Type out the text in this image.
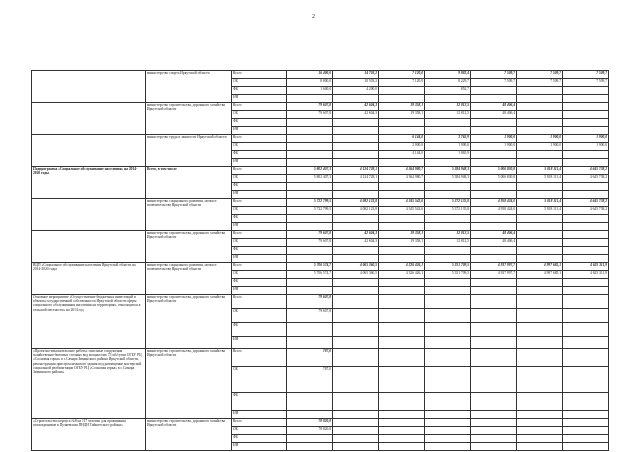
2
	министерство спорта Иркутской области	Всего	16 400,0	14 703,2	7 120,0	9 882,4	7 509,7	7 509,7	7 509,7
		ОБ	8 800,0	10 503,2	7 120,0	8 229,7	7 509,7	7 509,7	7 509,7
		ФБ	1 600,0	4 200,0		852,7			
		НИ							
	министерство строительства, дорожного хозяйства Иркутской области	Всего	79 607,8	42 604,3	19 358,1	12 812,5	48 406,4		
		ОБ	79 607,8	42 604,3	19 358,1	12 812,5	48 406,4		
		ФБ							
		НИ							
	министерство труда и занятости Иркутской области	Всего			6 144,0	3 765,9	1 900,0	1 900,0	1 900,0
		ОБ			2 000,0	1 900,0	1 900,0	1 900,0	1 900,0
		ФБ			4 144,0	1 865,9			
		НИ							
Подпрограмма «Социальное обслуживание населения» на 2014-2020 годы	Всего, в том числе	Всего	5 802 407,3	4 124 728,1	4 364 980,7	5 384 948,3	5 006 830,8	5 018 111,4	4 645 738,2
		ОБ	5 802 407,3	4 124 728,1	4 364 980,7	5 384 948,3	5 006 830,8	5 018 111,4	4 645 738,2
		ФБ							
		НИ							
	министерство социального развития, опеки и попечительства Иркутской области	Всего	5 722 799,5	4 082 123,8	4 345 542,6	5 372 135,8	4 958 424,0	5 018 111,4	4 645 738,2
		ОБ	5 722 799,5	4 082 123,8	4 345 542,6	5 372 135,8	4 958 424,0	5 018 111,4	4 645 738,2
		ФБ							
		НИ							
	министерство строительства, дорожного хозяйства Иркутской области	Всего	79 607,8	42 604,3	19 358,1	12 812,5	48 406,4		
		ОБ	79 607,8	42 604,3	19 358,1	12 812,5	48 406,4		
		ФБ							
		НИ							
ВЦП «Социальное обслуживание населения Иркутской области на 2014-2020 годы	министерство социального развития, опеки и попечительства Иркутской области	Всего	5 706 574,7	4 065 360,5	4 326 426,1	5 351 709,5	4 937 997,7	4 997 685,1	4 625 311,9
		ОБ	5 706 574,7	4 065 360,5	4 326 426,1	5 351 709,5	4 937 997,7	4 997 685,1	4 625 311,9
		ФБ							
		НИ							
Основное мероприятие «Осуществление бюджетных инвестиций в объекты государственной собственности Иркутской области сферы социального обслуживания населения на территориях, относящихся к сельской местности» на 2014 год	министерство строительства, дорожного хозяйства Иркутской области	Всего	79 607,8						
		ОБ	79 607,8						
		ФБ							
		НИ							
«Проектно-изыскательские работы: очистные сооружения хозяйственно-бытовых сточных вод мощностью 75 м3/сутки ОГБУ РЦ «Сосновая горка» в с.Самара Зиминского района Иркутской области, реконструкция пристроя нежилого здания под размещение мастерской социальной реабилитации ОГБУ РЦ «Сосновая горка» в с.Самара Зиминского района»	министерство строительства, дорожного хозяйства Иркутской области	Всего	787,0						
		ОБ	787,0						
		ФБ							
		НИ							
«Строительство корпуса №8 на 117 человек для проживания психохроников в Пуляевском ПНДИ Тайшетского района»	министерство строительства, дорожного хозяйства Иркутской области	Всего	78 820,8						
		ОБ	78 820,8						
		ФБ							
		НИ							
